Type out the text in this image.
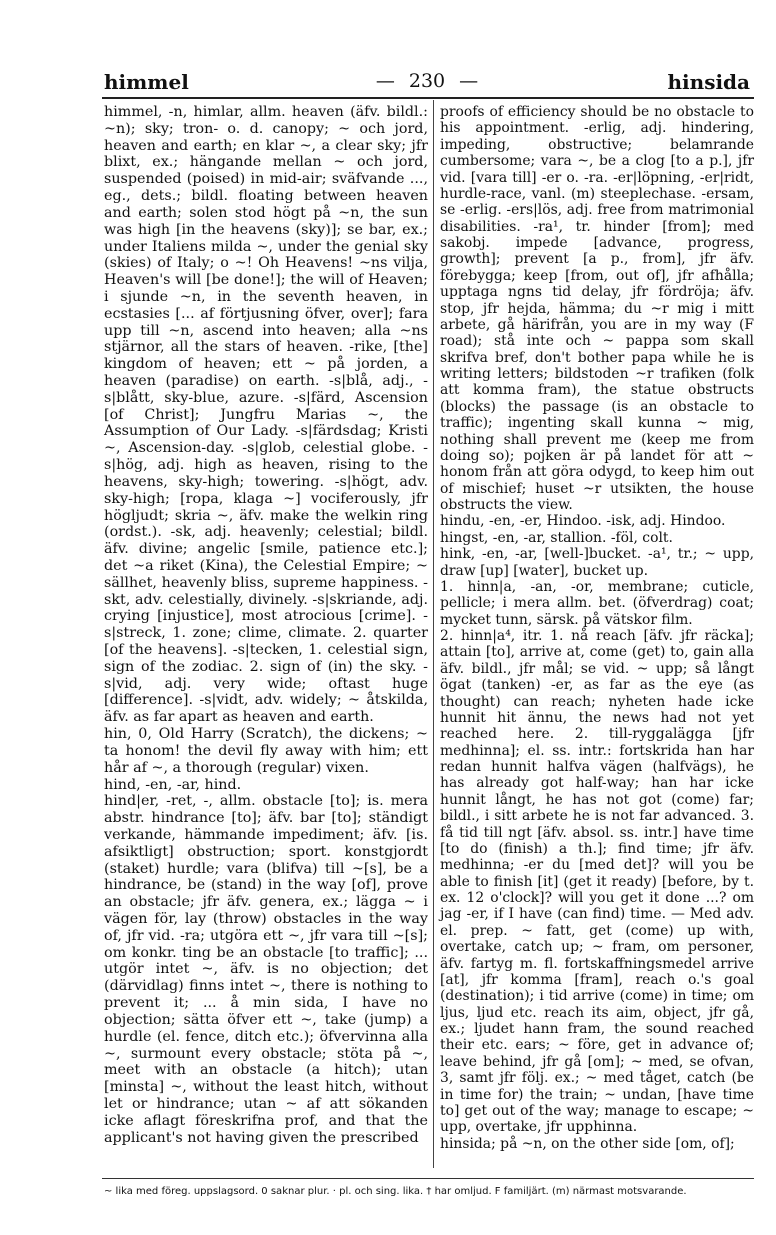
himmel	— 230 —	hinsida

himmel, -n, himlar, allm. heaven (äfv. bildl.: ~n); sky; tron- o. d. canopy; ~ och jord, heaven and earth; en klar ~, a clear sky; jfr blixt, ex.; hängande mellan ~ och jord, suspended (poised) in mid-air; sväfvande ..., eg., dets.; bildl. floating between heaven and earth; solen stod högt på ~n, the sun was high [in the heavens (sky)]; se bar, ex.; under Italiens milda ~, under the genial sky (skies) of Italy; o ~! Oh Heavens! ~ns vilja, Heaven's will [be done!]; the will of Heaven; i sjunde ~n, in the seventh heaven, in ecstasies [... af förtjusning öfver, over]; fara upp till ~n, ascend into heaven; alla ~ns stjärnor, all the stars of heaven. -rike, [the] kingdom of heaven; ett ~ på jorden, a heaven (paradise) on earth. -s|blå, adj., -s|blått, sky-blue, azure. -s|färd, Ascension [of Christ]; Jungfru Marias ~, the Assumption of Our Lady. -s|färdsdag; Kristi ~, Ascension-day. -s|glob, celestial globe. -s|hög, adj. high as heaven, rising to the heavens, sky-high; towering. -s|högt, adv. sky-high; [ropa, klaga ~] vociferously, jfr högljudt; skria ~, äfv. make the welkin ring (ordst.). -sk, adj. heavenly; celestial; bildl. äfv. divine; angelic [smile, patience etc.]; det ~a riket (Kina), the Celestial Empire; ~ sällhet, heavenly bliss, supreme happiness. -skt, adv. celestially, divinely. -s|skriande, adj. crying [injustice], most atrocious [crime]. -s|streck, 1. zone; clime, climate. 2. quarter [of the heavens]. -s|tecken, 1. celestial sign, sign of the zodiac. 2. sign of (in) the sky. -s|vid, adj. very wide; oftast huge [difference]. -s|vidt, adv. widely; ~ åtskilda, äfv. as far apart as heaven and earth.

hin, 0, Old Harry (Scratch), the dickens; ~ ta honom! the devil fly away with him; ett hår af ~, a thorough (regular) vixen.

hind, -en, -ar, hind.

hind|er, -ret, -, allm. obstacle [to]; is. mera abstr. hindrance [to]; äfv. bar [to]; ständigt verkande, hämmande impediment; äfv. [is. afsiktligt] obstruction; sport. konstgjordt (staket) hurdle; vara (blifva) till ~[s], be a hindrance, be (stand) in the way [of], prove an obstacle; jfr äfv. genera, ex.; lägga ~ i vägen för, lay (throw) obstacles in the way of, jfr vid. -ra; utgöra ett ~, jfr vara till ~[s]; om konkr. ting be an obstacle [to traffic]; ... utgör intet ~, äfv. is no objection; det (därvidlag) finns intet ~, there is nothing to prevent it; ... å min sida, I have no objection; sätta öfver ett ~, take (jump) a hurdle (el. fence, ditch etc.); öfvervinna alla ~, surmount every obstacle; stöta på ~, meet with an obstacle (a hitch); utan [minsta] ~, without the least hitch, without let or hindrance; utan ~ af att sökanden icke aflagt föreskrifna prof, and that the applicant's not having given the prescribed

proofs of efficiency should be no obstacle to his appointment. -erlig, adj. hindering, impeding, obstructive; belamrande cumbersome; vara ~, be a clog [to a p.], jfr vid. [vara till] -er o. -ra. -er|löpning, -er|ridt, hurdle-race, vanl. (m) steeplechase. -ersam, se -erlig. -ers|lös, adj. free from matrimonial disabilities. -ra¹, tr. hinder [from]; med sakobj. impede [advance, progress, growth]; prevent [a p., from], jfr äfv. förebygga; keep [from, out of], jfr afhålla; upptaga ngns tid delay, jfr fördröja; äfv. stop, jfr hejda, hämma; du ~r mig i mitt arbete, gå härifrån, you are in my way (F road); stå inte och ~ pappa som skall skrifva bref, don't bother papa while he is writing letters; bildstoden ~r trafiken (folk att komma fram), the statue obstructs (blocks) the passage (is an obstacle to traffic); ingenting skall kunna ~ mig, nothing shall prevent me (keep me from doing so); pojken är på landet för att ~ honom från att göra odygd, to keep him out of mischief; huset ~r utsikten, the house obstructs the view.

hindu, -en, -er, Hindoo. -isk, adj. Hindoo.

hingst, -en, -ar, stallion. -föl, colt.

hink, -en, -ar, [well-]bucket. -a¹, tr.; ~ upp, draw [up] [water], bucket up.

1. hinn|a, -an, -or, membrane; cuticle, pellicle; i mera allm. bet. (öfverdrag) coat; mycket tunn, särsk. på vätskor film.

2. hinn|a⁴, itr. 1. nå reach [äfv. jfr räcka]; attain [to], arrive at, come (get) to, gain alla äfv. bildl., jfr mål; se vid. ~ upp; så långt ögat (tanken) -er, as far as the eye (as thought) can reach; nyheten hade icke hunnit hit ännu, the news had not yet reached here. 2. till-ryggalägga [jfr medhinna]; el. ss. intr.: fortskrida han har redan hunnit halfva vägen (halfvägs), he has already got half-way; han har icke hunnit långt, he has not got (come) far; bildl., i sitt arbete he is not far advanced. 3. få tid till ngt [äfv. absol. ss. intr.] have time [to do (finish) a th.]; find time; jfr äfv. medhinna; -er du [med det]? will you be able to finish [it] (get it ready) [before, by t. ex. 12 o'clock]? will you get it done ...? om jag -er, if I have (can find) time. — Med adv. el. prep. ~ fatt, get (come) up with, overtake, catch up; ~ fram, om personer, äfv. fartyg m. fl. fortskaffningsmedel arrive [at], jfr komma [fram], reach o.'s goal (destination); i tid arrive (come) in time; om ljus, ljud etc. reach its aim, object, jfr gå, ex.; ljudet hann fram, the sound reached their etc. ears; ~ före, get in advance of; leave behind, jfr gå [om]; ~ med, se ofvan, 3, samt jfr följ. ex.; ~ med tåget, catch (be in time for) the train; ~ undan, [have time to] get out of the way; manage to escape; ~ upp, overtake, jfr upphinna.

hinsida; på ~n, on the other side [om, of];

~ lika med föreg. uppslagsord. 0 saknar plur. · pl. och sing. lika. † har omljud. F familjärt. (m) närmast motsvarande.
